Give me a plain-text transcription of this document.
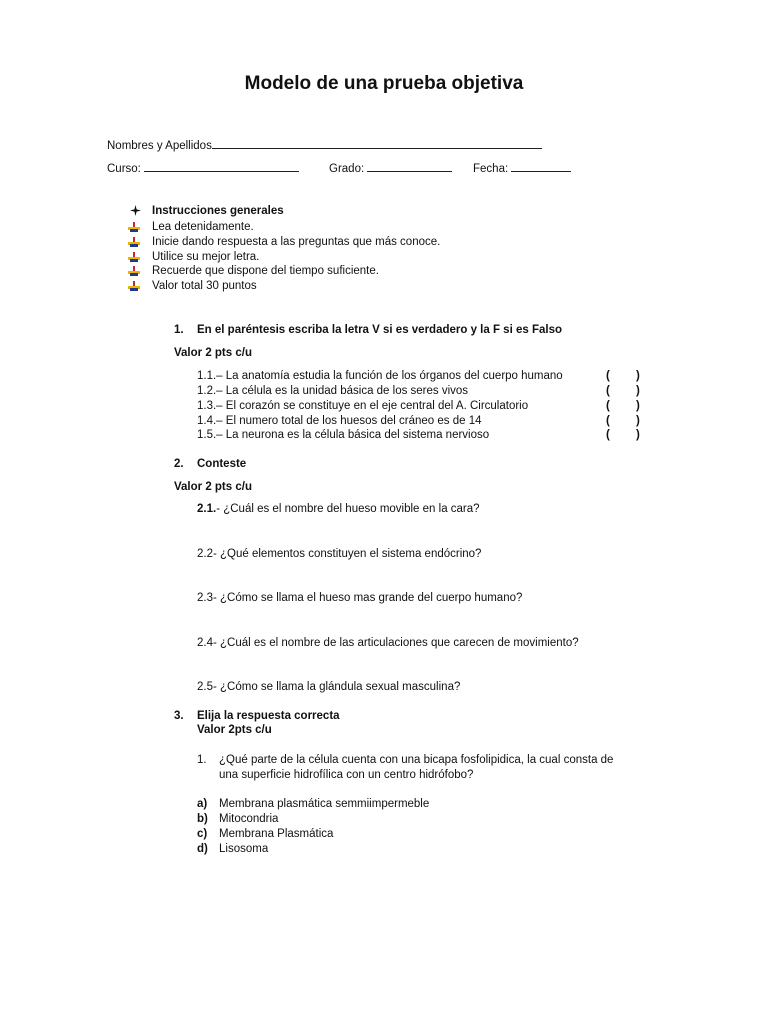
Modelo de una prueba objetiva
Nombres y Apellidos
Curso:	Grado:	Fecha:
Instrucciones generales
Lea detenidamente.
Inicie dando respuesta a las preguntas que más conoce.
Utilice su mejor letra.
Recuerde que dispone del tiempo suficiente.
Valor total 30 puntos
1. En el paréntesis escriba la letra V si es verdadero y la F si es Falso
Valor 2 pts c/u
1.1.– La anatomía estudia la función de los órganos del cuerpo humano	( )
1.2.– La célula es la unidad básica de los seres vivos	( )
1.3.– El corazón se constituye en el eje central del A. Circulatorio	( )
1.4.– El numero total de los huesos del cráneo es de 14	( )
1.5.– La neurona es la célula básica del sistema nervioso	( )
2. Conteste
Valor 2 pts c/u
2.1.- ¿Cuál es el nombre del hueso movible en la cara?
2.2- ¿Qué elementos constituyen el sistema endócrino?
2.3- ¿Cómo se llama el hueso mas grande del cuerpo humano?
2.4- ¿Cuál es el nombre de las articulaciones que carecen de movimiento?
2.5- ¿Cómo se llama la glándula sexual masculina?
3. Elija la respuesta correcta
Valor 2pts c/u
1. ¿Qué parte de la célula cuenta con una bicapa fosfolipidica, la cual consta de
una superficie hidrofílica con un centro hidrófobo?
a) Membrana plasmática semmiimpermeble
b) Mitocondria
c) Membrana Plasmática
d) Lisosoma
